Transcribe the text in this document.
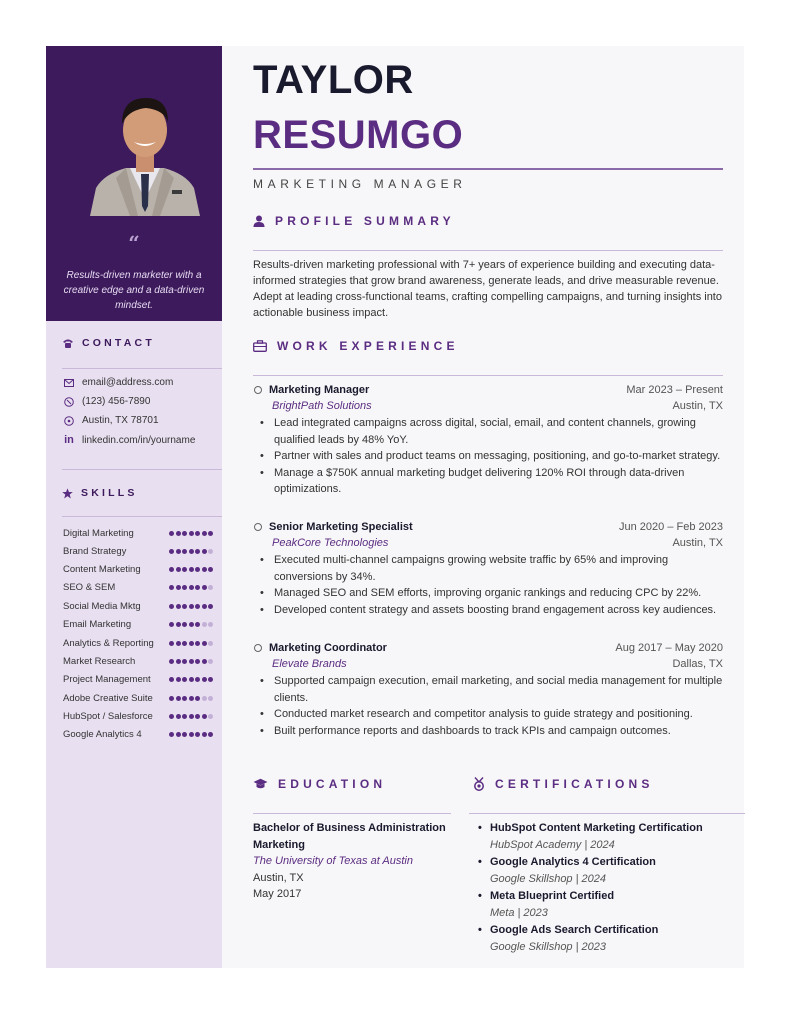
“
Results-driven marketer with a creative edge and a data-driven mindset.
CONTACT
email@address.com
(123) 456-7890
Austin, TX 78701
in linkedin.com/in/yourname
SKILLS
Digital Marketing
Brand Strategy
Content Marketing
SEO & SEM
Social Media Mktg
Email Marketing
Analytics & Reporting
Market Research
Project Management
Adobe Creative Suite
HubSpot / Salesforce
Google Analytics 4
TAYLOR
RESUMGO
MARKETING MANAGER
PROFILE SUMMARY
Results-driven marketing professional with 7+ years of experience building and executing data-informed strategies that grow brand awareness, generate leads, and drive measurable revenue. Adept at leading cross-functional teams, crafting compelling campaigns, and turning insights into actionable business impact.
WORK EXPERIENCE
Marketing Manager	Mar 2023 – Present
BrightPath Solutions	Austin, TX
• Lead integrated campaigns across digital, social, email, and content channels, growing qualified leads by 48% YoY.
• Partner with sales and product teams on messaging, positioning, and go-to-market strategy.
• Manage a $750K annual marketing budget delivering 120% ROI through data-driven optimizations.
Senior Marketing Specialist	Jun 2020 – Feb 2023
PeakCore Technologies	Austin, TX
• Executed multi-channel campaigns growing website traffic by 65% and improving conversions by 34%.
• Managed SEO and SEM efforts, improving organic rankings and reducing CPC by 22%.
• Developed content strategy and assets boosting brand engagement across key audiences.
Marketing Coordinator	Aug 2017 – May 2020
Elevate Brands	Dallas, TX
• Supported campaign execution, email marketing, and social media management for multiple clients.
• Conducted market research and competitor analysis to guide strategy and positioning.
• Built performance reports and dashboards to track KPIs and campaign outcomes.
EDUCATION
Bachelor of Business Administration
Marketing
The University of Texas at Austin
Austin, TX
May 2017
CERTIFICATIONS
• HubSpot Content Marketing Certification
HubSpot Academy | 2024
• Google Analytics 4 Certification
Google Skillshop | 2024
• Meta Blueprint Certified
Meta | 2023
• Google Ads Search Certification
Google Skillshop | 2023
